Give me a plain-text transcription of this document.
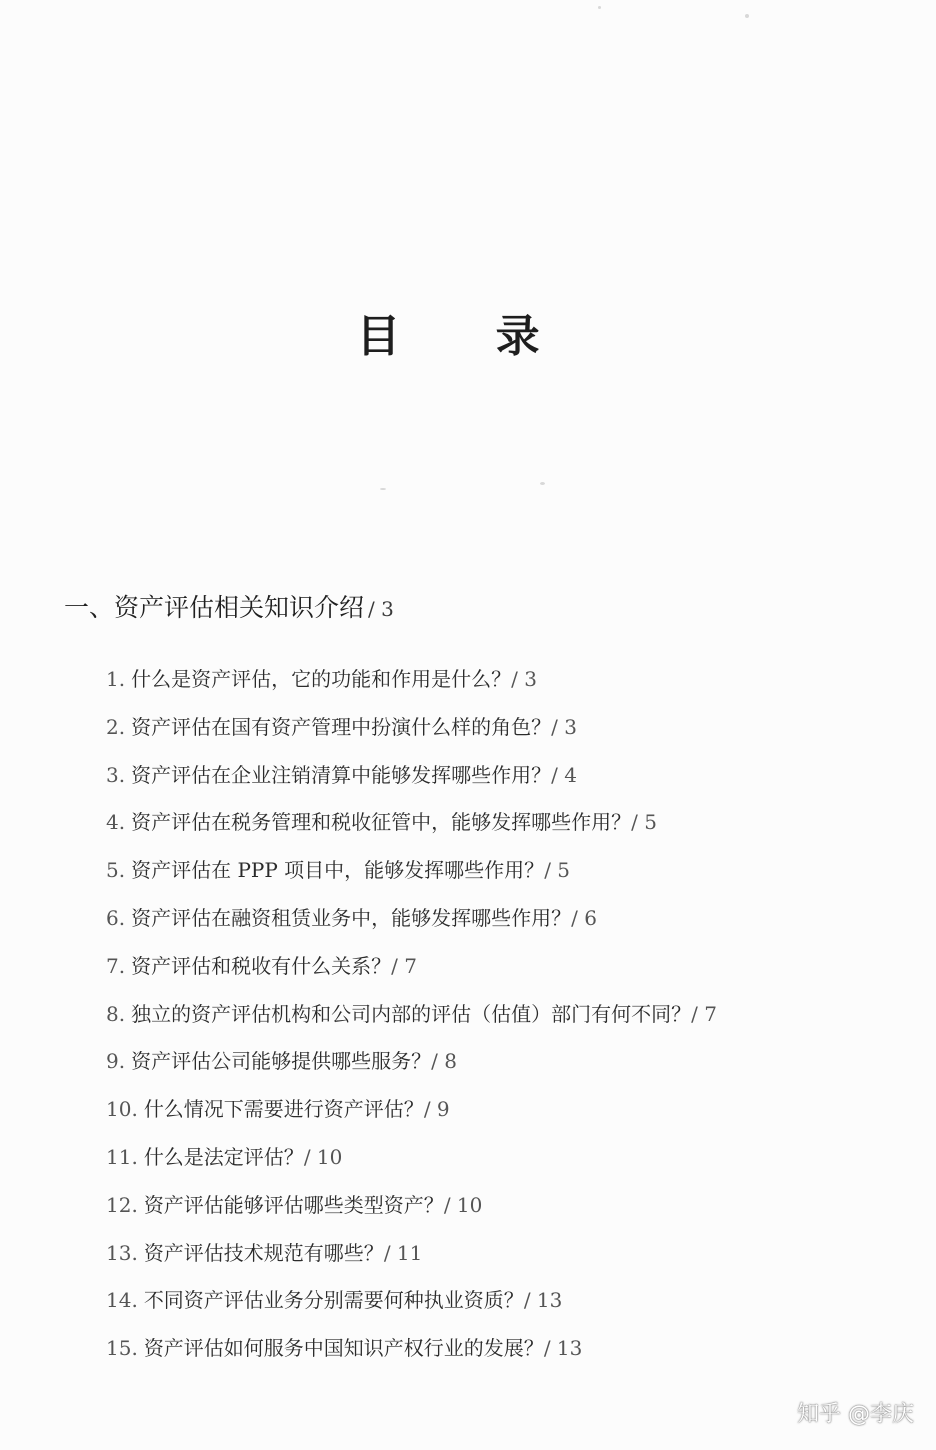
目 录
一、资产评估相关知识介绍 / 3
1. 什么是资产评估，它的功能和作用是什么？/ 3
2. 资产评估在国有资产管理中扮演什么样的角色？/ 3
3. 资产评估在企业注销清算中能够发挥哪些作用？/ 4
4. 资产评估在税务管理和税收征管中，能够发挥哪些作用？/ 5
5. 资产评估在 PPP 项目中，能够发挥哪些作用？/ 5
6. 资产评估在融资租赁业务中，能够发挥哪些作用？/ 6
7. 资产评估和税收有什么关系？/ 7
8. 独立的资产评估机构和公司内部的评估（估值）部门有何不同？/ 7
9. 资产评估公司能够提供哪些服务？/ 8
10. 什么情况下需要进行资产评估？/ 9
11. 什么是法定评估？/ 10
12. 资产评估能够评估哪些类型资产？/ 10
13. 资产评估技术规范有哪些？/ 11
14. 不同资产评估业务分别需要何种执业资质？/ 13
15. 资产评估如何服务中国知识产权行业的发展？/ 13
知乎 @李庆
